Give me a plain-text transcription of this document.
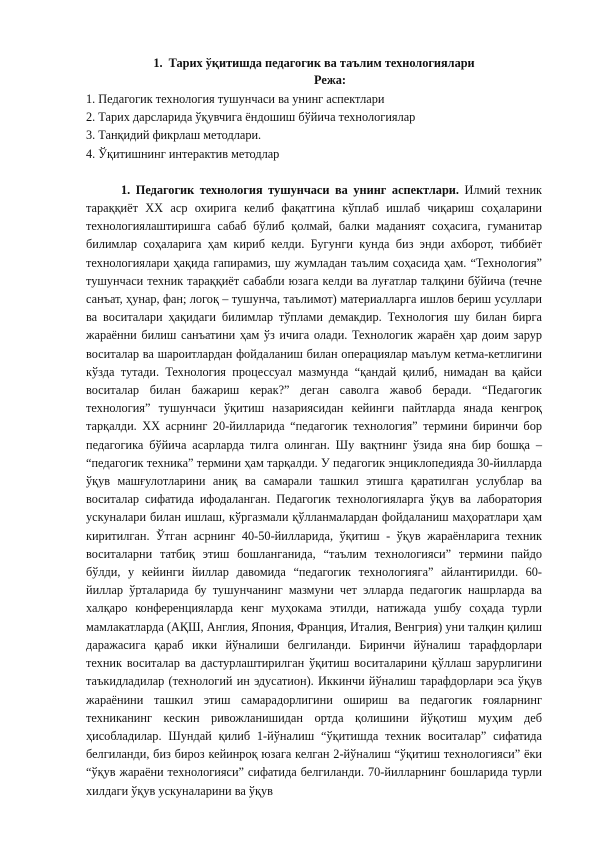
1. Тарих ўқитишда педагогик ва таълим технологиялари

Режа:

1. Педагогик технология тушунчаси ва унинг аспектлари
2. Тарих дарсларида ўқувчига ёндошиш бўйича технологиялар
3. Танқидий фикрлаш методлари.
4. Ўқитишнинг интерактив методлар

1. Педагогик технология тушунчаси ва унинг аспектлари. Илмий техник тараққиёт ХХ аср охирига келиб фақатгина кўплаб ишлаб чиқариш соҳаларини технологиялаштиришга сабаб бўлиб қолмай, балки маданият соҳасига, гуманитар билимлар соҳаларига ҳам кириб келди. Бугунги кунда биз энди ахборот, тиббиёт технологиялари ҳақида гапирамиз, шу жумладан таълим соҳасида ҳам. “Технология” тушунчаси техник тараққиёт сабабли юзага келди ва луғатлар талқини бўйича (течне санъат, ҳунар, фан; логоқ – тушунча, таълимот) материалларга ишлов бериш усуллари ва воситалари ҳақидаги билимлар тўплами демакдир. Технология шу билан бирга жараённи билиш санъатини ҳам ўз ичига олади. Технологик жараён ҳар доим зарур воситалар ва шароитлардан фойдаланиш билан операциялар маълум кетма-кетлигини кўзда тутади. Технология процессуал мазмунда “қандай қилиб, нимадан ва қайси воситалар билан бажариш керак?” деган саволга жавоб беради. “Педагогик технология” тушунчаси ўқитиш назариясидан кейинги пайтларда янада кенгроқ тарқалди. ХХ асрнинг 20-йилларида “педагогик технология” термини биринчи бор педагогика бўйича асарларда тилга олинган. Шу вақтнинг ўзида яна бир бошқа – “педагогик техника” термини ҳам тарқалди. У педагогик энциклопедияда 30-йилларда ўқув машғулотларини аниқ ва самарали ташкил этишга қаратилган услублар ва воситалар сифатида ифодаланган. Педагогик технологияларга ўқув ва лаборатория ускуналари билан ишлаш, кўргазмали қўлланмалардан фойдаланиш маҳоратлари ҳам киритилган. Ўтган асрнинг 40-50-йилларида, ўқитиш - ўқув жараёнларига техник воситаларни татбиқ этиш бошланганида, “таълим технологияси” термини пайдо бўлди, у кейинги йиллар давомида “педагогик технологияга” айлантирилди. 60-йиллар ўрталарида бу тушунчанинг мазмуни чет элларда педагогик нашрларда ва халқаро конференцияларда кенг муҳокама этилди, натижада ушбу соҳада турли мамлакатларда (АҚШ, Англия, Япония, Франция, Италия, Венгрия) уни талқин қилиш даражасига қараб икки йўналиши белгиланди. Биринчи йўналиш тарафдорлари техник воситалар ва дастурлаштирилган ўқитиш воситаларини қўллаш зарурлигини таъкидладилар (технологий ин эдусатион). Иккинчи йўналиш тарафдорлари эса ўқув жараёнини ташкил этиш самарадорлигини ошириш ва педагогик ғояларнинг техниканинг кескин ривожланишидан ортда қолишини йўқотиш муҳим деб ҳисобладилар. Шундай қилиб 1-йўналиш “ўқитишда техник воситалар” сифатида белгиланди, биз бироз кейинроқ юзага келган 2-йўналиш “ўқитиш технологияси” ёки “ўқув жараёни технологияси” сифатида белгиланди. 70-йилларнинг бошларида турли хилдаги ўқув ускуналарини ва ўқув
